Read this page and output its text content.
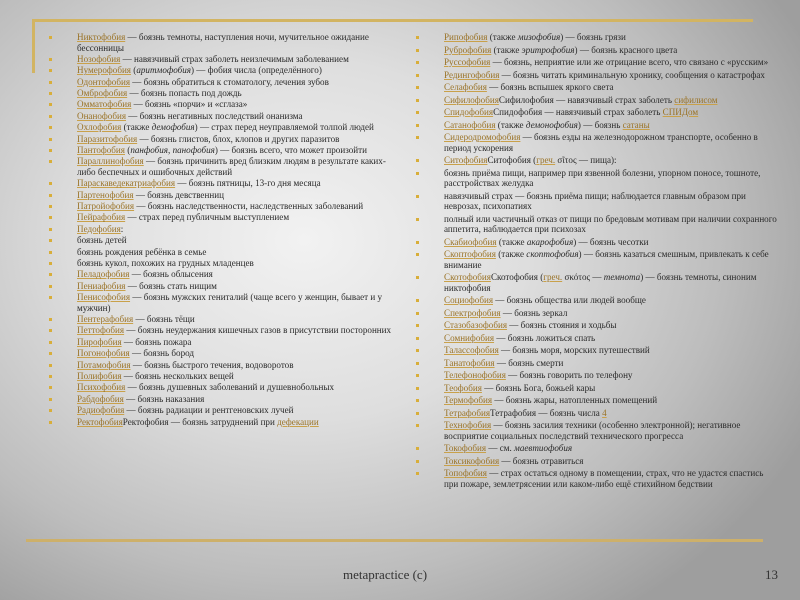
Никтофобия — боязнь темноты, наступления ночи, мучительное ожидание бессонницы
Нозофобия — навязчивый страх заболеть неизлечимым заболеванием
Нумерофобия (аритмофобия) — фобия числа (определённого)
Одонтофобия — боязнь обратиться к стоматологу, лечения зубов
Омброфобия — боязнь попасть под дождь
Омматофобия — боязнь «порчи» и «сглаза»
Онанофобия — боязнь негативных последствий онанизма
Охлофобия (также демофобия) — страх перед неуправляемой толпой людей
Паразитофобия — боязнь глистов, блох, клопов и других паразитов
Пантофобия (панфобия, панофобия) — боязнь всего, что может произойти
Параллинофобия — боязнь причинить вред близким людям в результате каких-либо беспечных и ошибочных действий
Параскаведекатриафобия — боязнь пятницы, 13-го дня месяца
Партенофобия — боязнь девственниц
Патройофобия — боязнь наследственности, наследственных заболеваний
Пейрафобия — страх перед публичным выступлением
Педофобия:
боязнь детей
боязнь рождения ребёнка в семье
боязнь кукол, похожих на грудных младенцев
Пеладофобия — боязнь облысения
Пениафобия — боязнь стать нищим
Пенисофобия — боязнь мужских гениталий (чаще всего у женщин, бывает и у мужчин)
Пентерафобия — боязнь тёщи
Петтофобия — боязнь неудержания кишечных газов в присутствии посторонних
Пирофобия — боязнь пожара
Погонофобия — боязнь бород
Потамофобия — боязнь быстрого течения, водоворотов
Полифобия — боязнь нескольких вещей
Психофобия — боязнь душевных заболеваний и душевнобольных
Рабдофобия — боязнь наказания
Радиофобия — боязнь радиации и рентгеновских лучей
РектофобияРектофобия — боязнь затруднений при дефекации
Рипофобия (также мизофобия) — боязнь грязи
Руброфобия (также эритрофобия) — боязнь красного цвета
Руссофобия — боязнь, неприятие или же отрицание всего, что связано с «русским»
Редингофобия — боязнь читать криминальную хронику, сообщения о катастрофах
Селафобия — боязнь вспышек яркого света
СифилофобияСифилофобия — навязчивый страх заболеть сифилисом
СпидофобияСпидофобия — навязчивый страх заболеть СПИДом
Сатанофобия (также демонофобия) — боязнь сатаны
Сидеродромофобия — боязнь езды на железнодорожном транспорте, особенно в период ускорения
СитофобияСитофобия (греч. σῖτος — пища):
боязнь приёма пищи, например при язвенной болезни, упорном поносе, тошноте, расстройствах желудка
навязчивый страх — боязнь приёма пищи; наблюдается главным образом при неврозах, психопатиях
полный или частичный отказ от пищи по бредовым мотивам при наличии сохранного аппетита, наблюдается при психозах
Скабиофобия (также акарофобия) — боязнь чесотки
Скоптофобия (также скоптофобия) — боязнь казаться смешным, привлекать к себе внимание
СкотофобияСкотофобия (греч. σκότος — темнота) — боязнь темноты, синоним никтофобия
Социофобия — боязнь общества или людей вообще
Спектрофобия — боязнь зеркал
Стазобазофобия — боязнь стояния и ходьбы
Сомнифобия — боязнь ложиться спать
Талассофобия — боязнь моря, морских путешествий
Танатофобия — боязнь смерти
Телефонофобия — боязнь говорить по телефону
Теофобия — боязнь Бога, божьей кары
Термофобия — боязнь жары, натопленных помещений
ТетрафобияТетрафобия — боязнь числа 4
Технофобия — боязнь засилия техники (особенно электронной); негативное восприятие социальных последствий технического прогресса
Токофобия — см. маевтиофобия
Токсикофобия — боязнь отравиться
Топофобия — страх остаться одному в помещении, страх, что не удастся спастись при пожаре, землетрясении или каком-либо ещё стихийном бедствии
metapractice (c)	13
